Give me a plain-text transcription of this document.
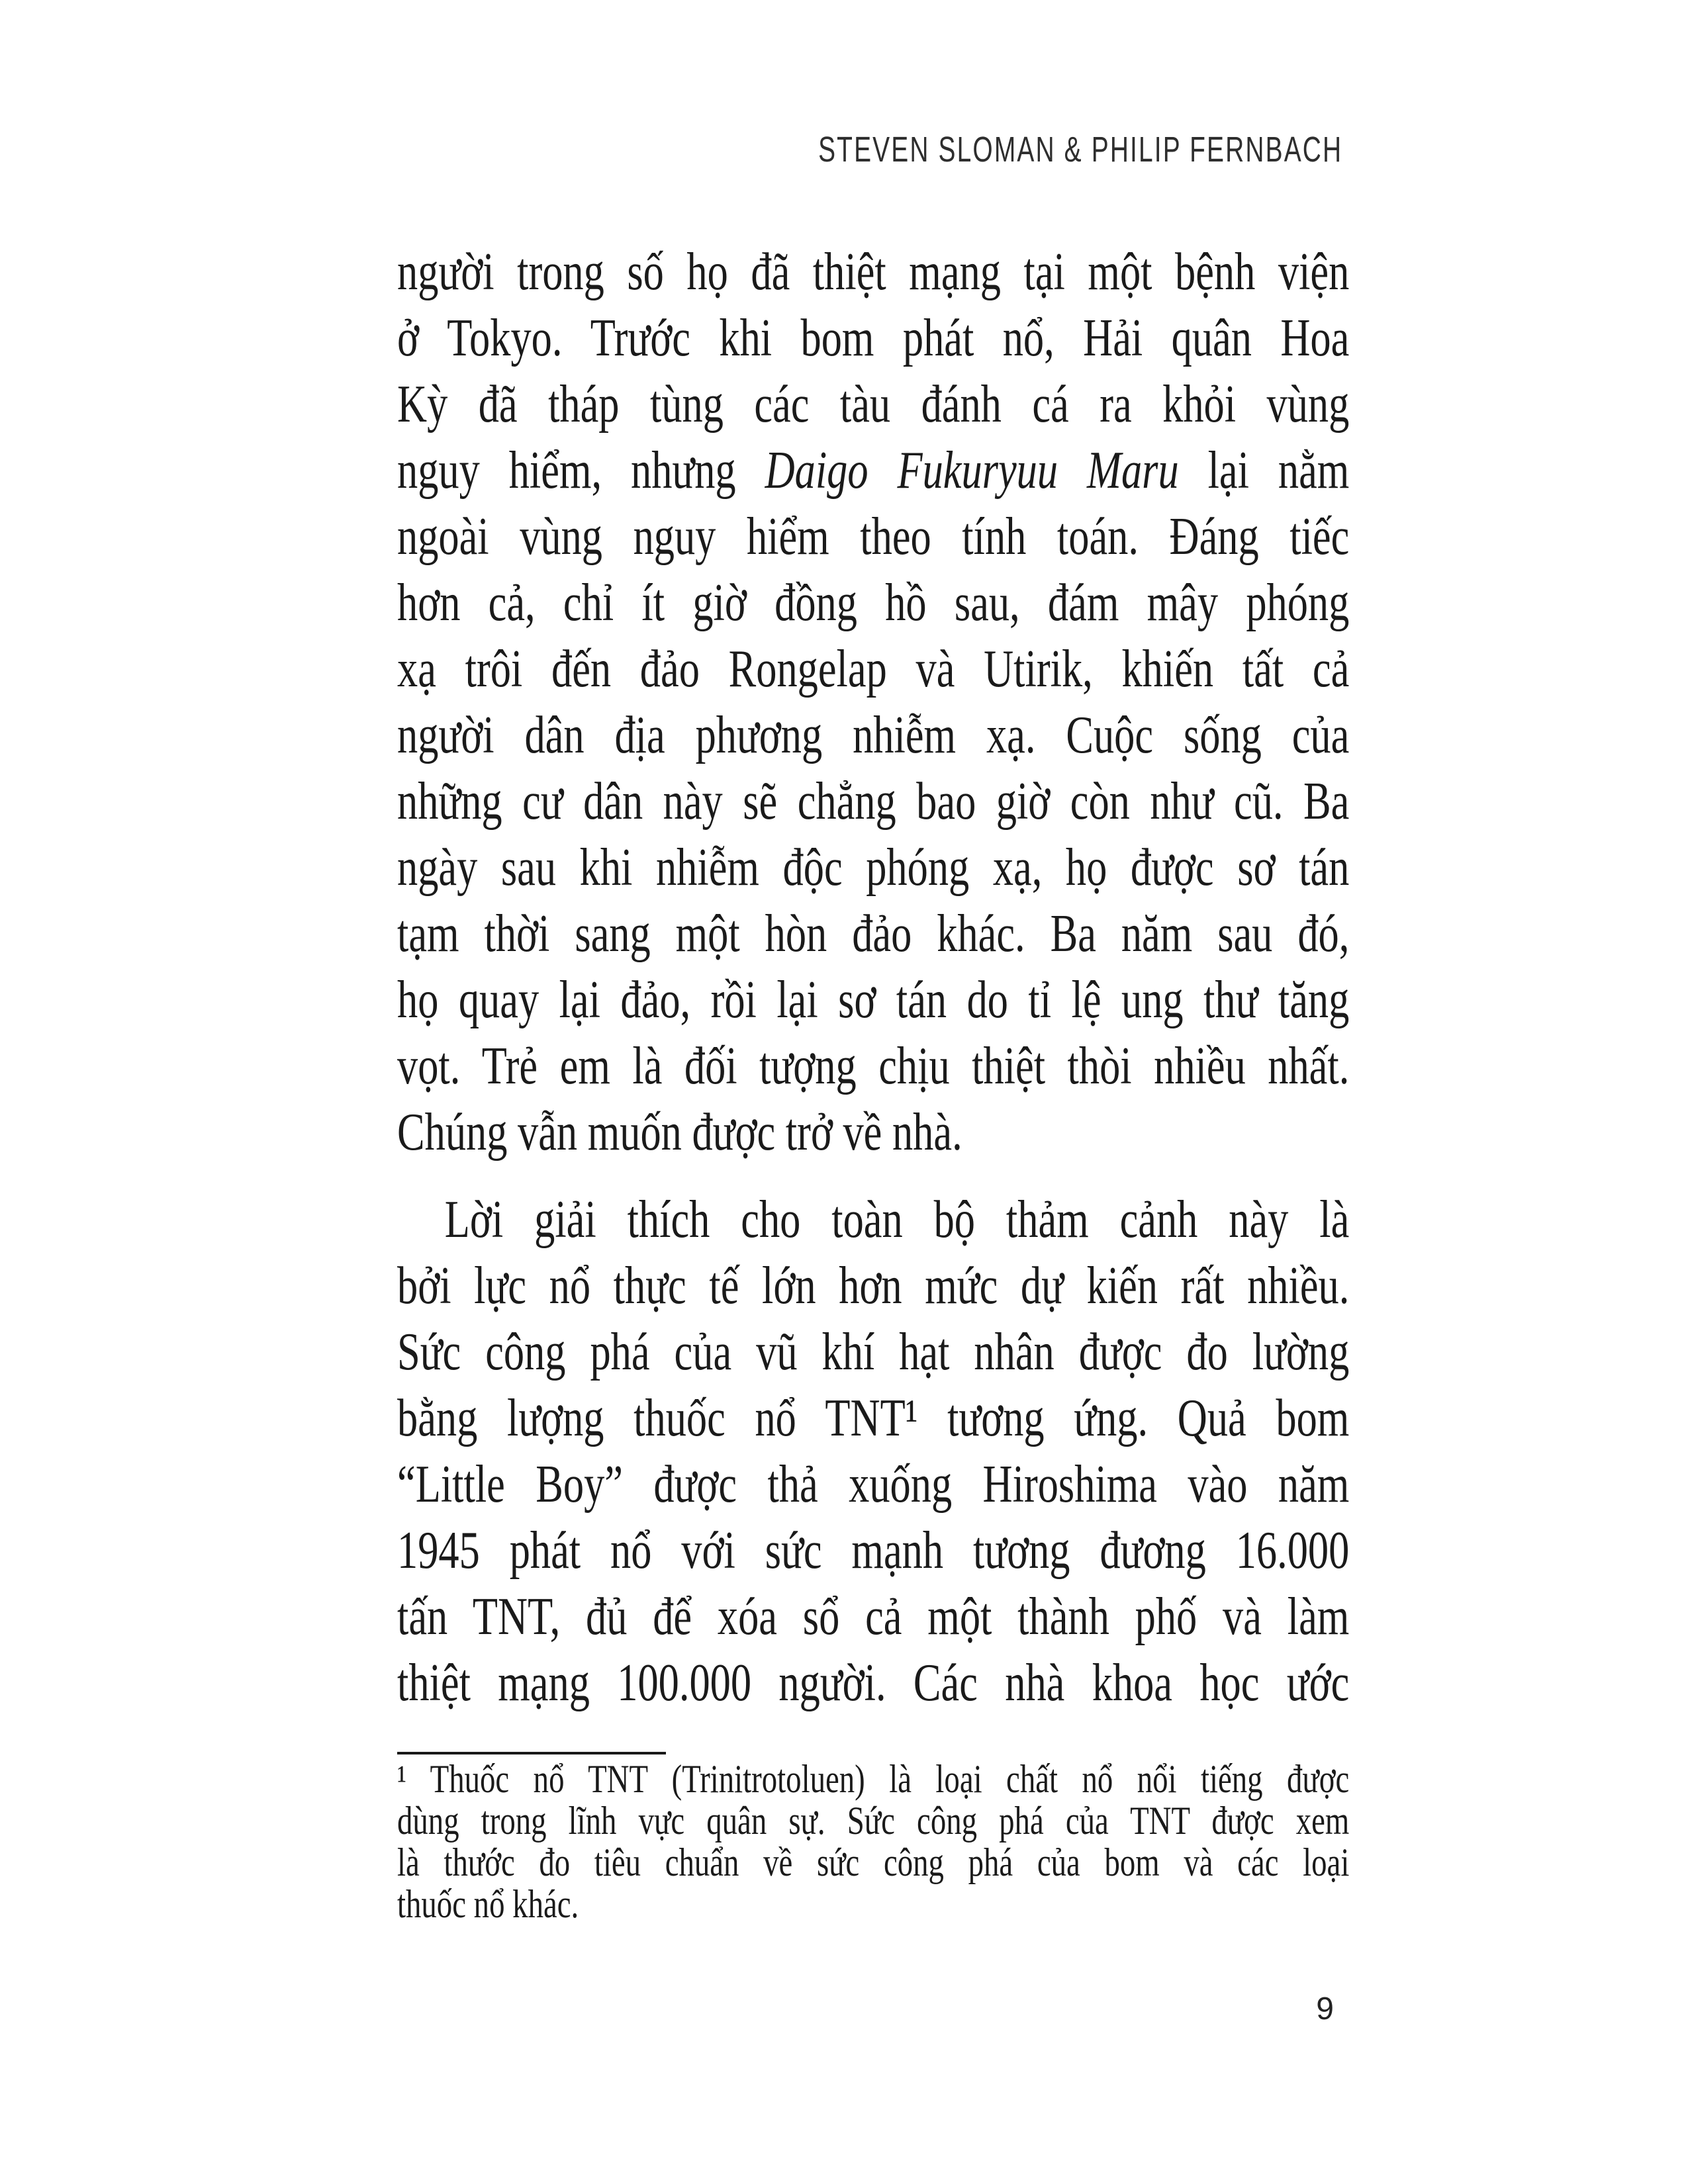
STEVEN SLOMAN & PHILIP FERNBACH
người trong số họ đã thiệt mạng tại một bệnh viện
ở Tokyo. Trước khi bom phát nổ, Hải quân Hoa
Kỳ đã tháp tùng các tàu đánh cá ra khỏi vùng
nguy hiểm, nhưng Daigo Fukuryuu Maru lại nằm
ngoài vùng nguy hiểm theo tính toán. Đáng tiếc
hơn cả, chỉ ít giờ đồng hồ sau, đám mây phóng
xạ trôi đến đảo Rongelap và Utirik, khiến tất cả
người dân địa phương nhiễm xạ. Cuộc sống của
những cư dân này sẽ chẳng bao giờ còn như cũ. Ba
ngày sau khi nhiễm độc phóng xạ, họ được sơ tán
tạm thời sang một hòn đảo khác. Ba năm sau đó,
họ quay lại đảo, rồi lại sơ tán do tỉ lệ ung thư tăng
vọt. Trẻ em là đối tượng chịu thiệt thòi nhiều nhất.
Chúng vẫn muốn được trở về nhà.
Lời giải thích cho toàn bộ thảm cảnh này là
bởi lực nổ thực tế lớn hơn mức dự kiến rất nhiều.
Sức công phá của vũ khí hạt nhân được đo lường
bằng lượng thuốc nổ TNT¹ tương ứng. Quả bom
“Little Boy” được thả xuống Hiroshima vào năm
1945 phát nổ với sức mạnh tương đương 16.000
tấn TNT, đủ để xóa sổ cả một thành phố và làm
thiệt mạng 100.000 người. Các nhà khoa học ước
¹ Thuốc nổ TNT (Trinitrotoluen) là loại chất nổ nổi tiếng được
dùng trong lĩnh vực quân sự. Sức công phá của TNT được xem
là thước đo tiêu chuẩn về sức công phá của bom và các loại
thuốc nổ khác.
9
